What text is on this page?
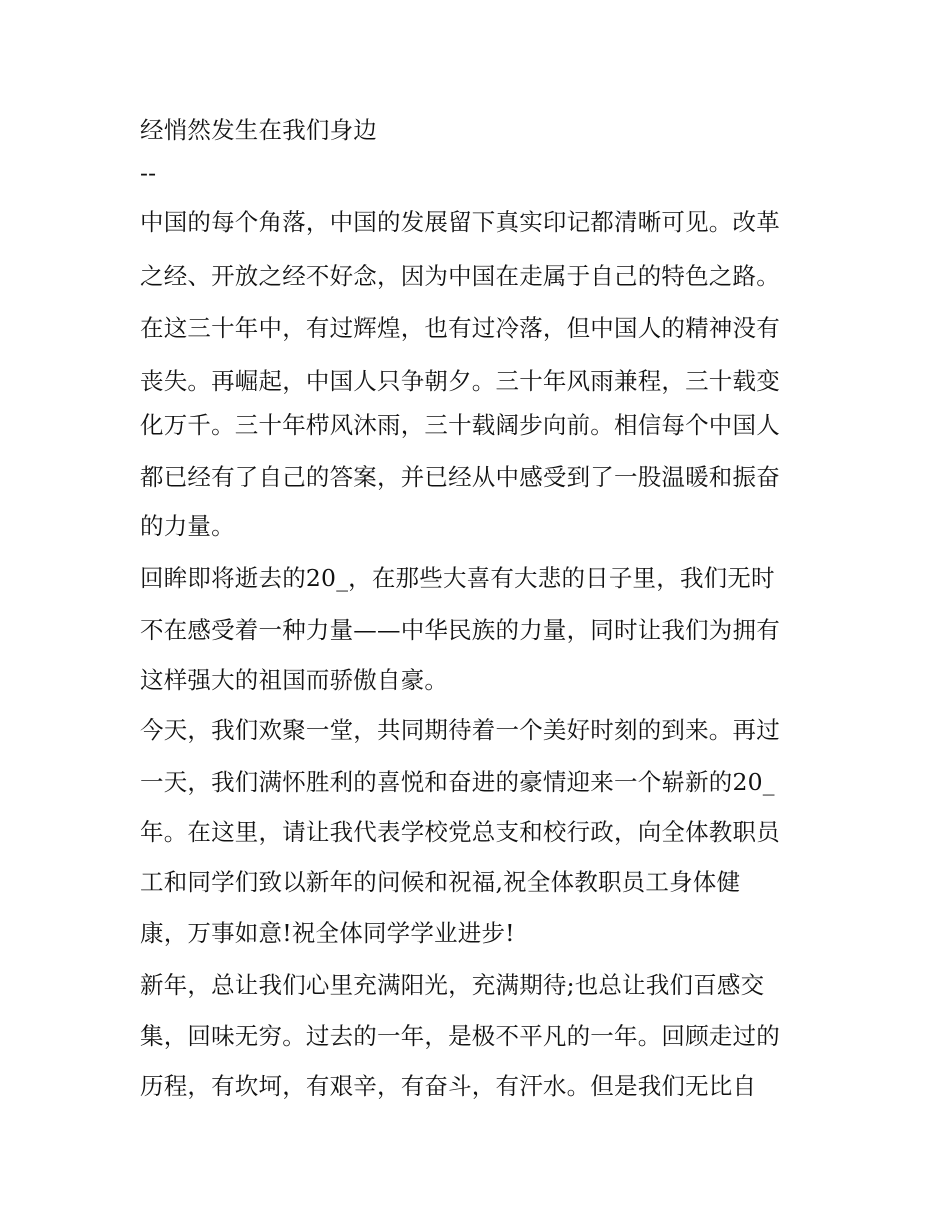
经悄然发生在我们身边
--
中国的每个角落，中国的发展留下真实印记都清晰可见。改革
之经、开放之经不好念，因为中国在走属于自己的特色之路。
在这三十年中，有过辉煌，也有过冷落，但中国人的精神没有
丧失。再崛起，中国人只争朝夕。三十年风雨兼程，三十载变
化万千。三十年栉风沐雨，三十载阔步向前。相信每个中国人
都已经有了自己的答案，并已经从中感受到了一股温暖和振奋
的力量。
回眸即将逝去的20_，在那些大喜有大悲的日子里，我们无时
不在感受着一种力量——中华民族的力量，同时让我们为拥有
这样强大的祖国而骄傲自豪。
今天，我们欢聚一堂，共同期待着一个美好时刻的到来。再过
一天，我们满怀胜利的喜悦和奋进的豪情迎来一个崭新的20_
年。在这里，请让我代表学校党总支和校行政，向全体教职员
工和同学们致以新年的问候和祝福,祝全体教职员工身体健
康，万事如意!祝全体同学学业进步!
新年，总让我们心里充满阳光，充满期待;也总让我们百感交
集，回味无穷。过去的一年，是极不平凡的一年。回顾走过的
历程，有坎坷，有艰辛，有奋斗，有汗水。但是我们无比自
